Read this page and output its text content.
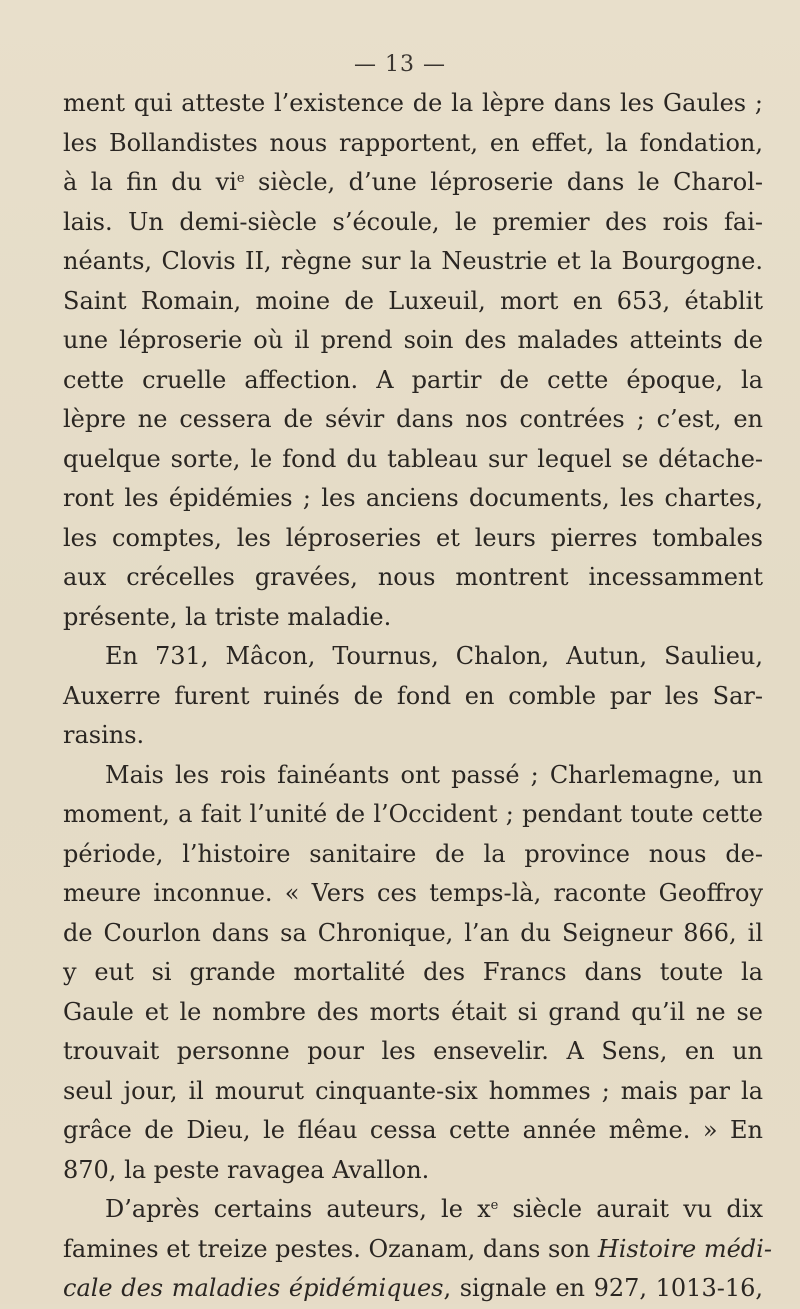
— 13 —
ment qui atteste l’existence de la lèpre dans les Gaules ;
les Bollandistes nous rapportent, en effet, la fondation,
à la fin du $vi^e$ siècle, d’une léproserie dans le Charol-
lais. Un demi-siècle s’écoule, le premier des rois fai-
néants, Clovis II, règne sur la Neustrie et la Bourgogne.
Saint Romain, moine de Luxeuil, mort en 653, établit
une léproserie où il prend soin des malades atteints de
cette cruelle affection. A partir de cette époque, la
lèpre ne cessera de sévir dans nos contrées ; c’est, en
quelque sorte, le fond du tableau sur lequel se détache-
ront les épidémies ; les anciens documents, les chartes,
les comptes, les léproseries et leurs pierres tombales
aux crécelles gravées, nous montrent incessamment
présente, la triste maladie.
En 731, Mâcon, Tournus, Chalon, Autun, Saulieu,
Auxerre furent ruinés de fond en comble par les Sar-
rasins.
Mais les rois fainéants ont passé ; Charlemagne, un
moment, a fait l’unité de l’Occident ; pendant toute cette
période, l’histoire sanitaire de la province nous de-
meure inconnue. « Vers ces temps-là, raconte Geoffroy
de Courlon dans sa Chronique, l’an du Seigneur 866, il
y eut si grande mortalité des Francs dans toute la
Gaule et le nombre des morts était si grand qu’il ne se
trouvait personne pour les ensevelir. A Sens, en un
seul jour, il mourut cinquante-six hommes ; mais par la
grâce de Dieu, le fléau cessa cette année même. » En
870, la peste ravagea Avallon.
D’après certains auteurs, le $x^e$ siècle aurait vu dix
famines et treize pestes. Ozanam, dans son Histoire médi-
cale des maladies épidémiques, signale en 927, 1013-16,
